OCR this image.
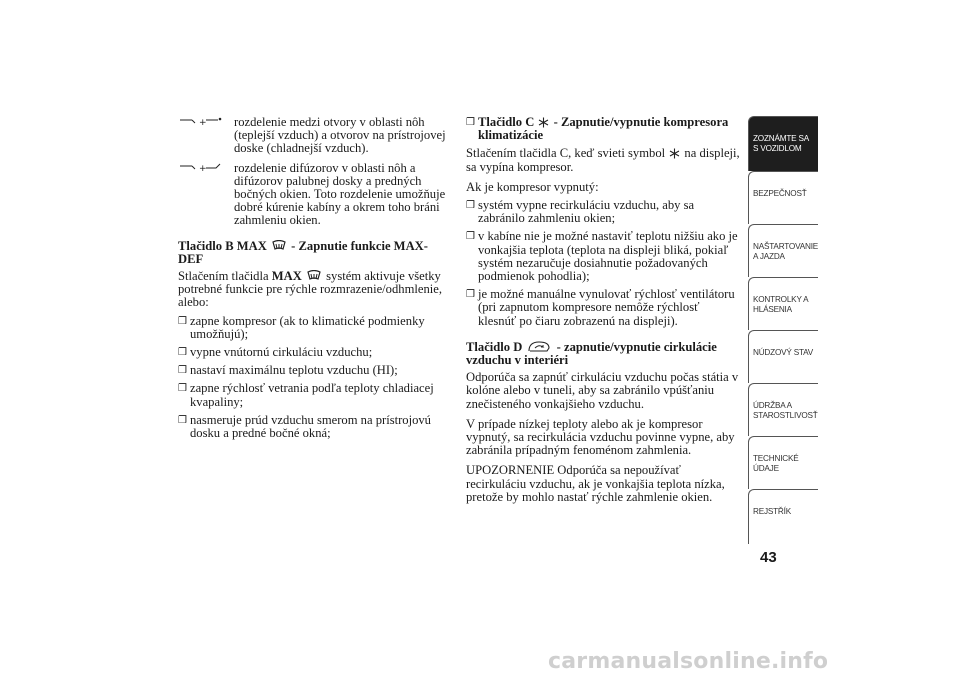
+ rozdelenie medzi otvory v oblasti nôh (teplejší vzduch) a otvorov na prístrojovej doske (chladnejší vzduch).
+ rozdelenie difúzorov v oblasti nôh a difúzorov palubnej dosky a predných bočných okien. Toto rozdelenie umožňuje dobré kúrenie kabíny a okrem toho bráni zahmleniu okien.
Tlačidlo B MAX  - Zapnutie funkcie MAX-DEF

Stlačením tlačidla MAX  systém aktivuje všetky potrebné funkcie pre rýchle rozmrazenie/odhmlenie, alebo:

❒ zapne kompresor (ak to klimatické podmienky umožňujú);
❒ vypne vnútornú cirkuláciu vzduchu;
❒ nastaví maximálnu teplotu vzduchu (HI);
❒ zapne rýchlosť vetrania podľa teploty chladiacej kvapaliny;
❒ nasmeruje prúd vzduchu smerom na prístrojovú dosku a predné bočné okná;
❒ Tlačidlo C  - Zapnutie/vypnutie kompresora klimatizácie

Stlačením tlačidla C, keď svieti symbol  na displeji, sa vypína kompresor.

Ak je kompresor vypnutý:

❒ systém vypne recirkuláciu vzduchu, aby sa zabránilo zahmleniu okien;
❒ v kabíne nie je možné nastaviť teplotu nižšiu ako je vonkajšia teplota (teplota na displeji bliká, pokiaľ systém nezaručuje dosiahnutie požadovaných podmienok pohodlia);
❒ je možné manuálne vynulovať rýchlosť ventilátoru (pri zapnutom kompresore nemôže rýchlosť klesnúť po čiaru zobrazenú na displeji).
Tlačidlo D  - zapnutie/vypnutie cirkulácie vzduchu v interiéri

Odporúča sa zapnúť cirkuláciu vzduchu počas státia v kolóne alebo v tuneli, aby sa zabránilo vpúšťaniu znečisteného vonkajšieho vzduchu.

V prípade nízkej teploty alebo ak je kompresor vypnutý, sa recirkulácia vzduchu povinne vypne, aby zabránila prípadným fenoménom zahmlenia.

UPOZORNENIE Odporúča sa nepoužívať recirkuláciu vzduchu, ak je vonkajšia teplota nízka, pretože by mohlo nastať rýchle zahmlenie okien.

ZOZNÁMTE SA S VOZIDLOM
BEZPEČNOSŤ
NAŠTARTOVANIE A JAZDA
KONTROLKY A HLÁSENIA
NÚDZOVÝ STAV
ÚDRŽBA A STAROSTLIVOSŤ
TECHNICKÉ ÚDAJE
REJSTŘÍK
43
carmanualsonline.info
